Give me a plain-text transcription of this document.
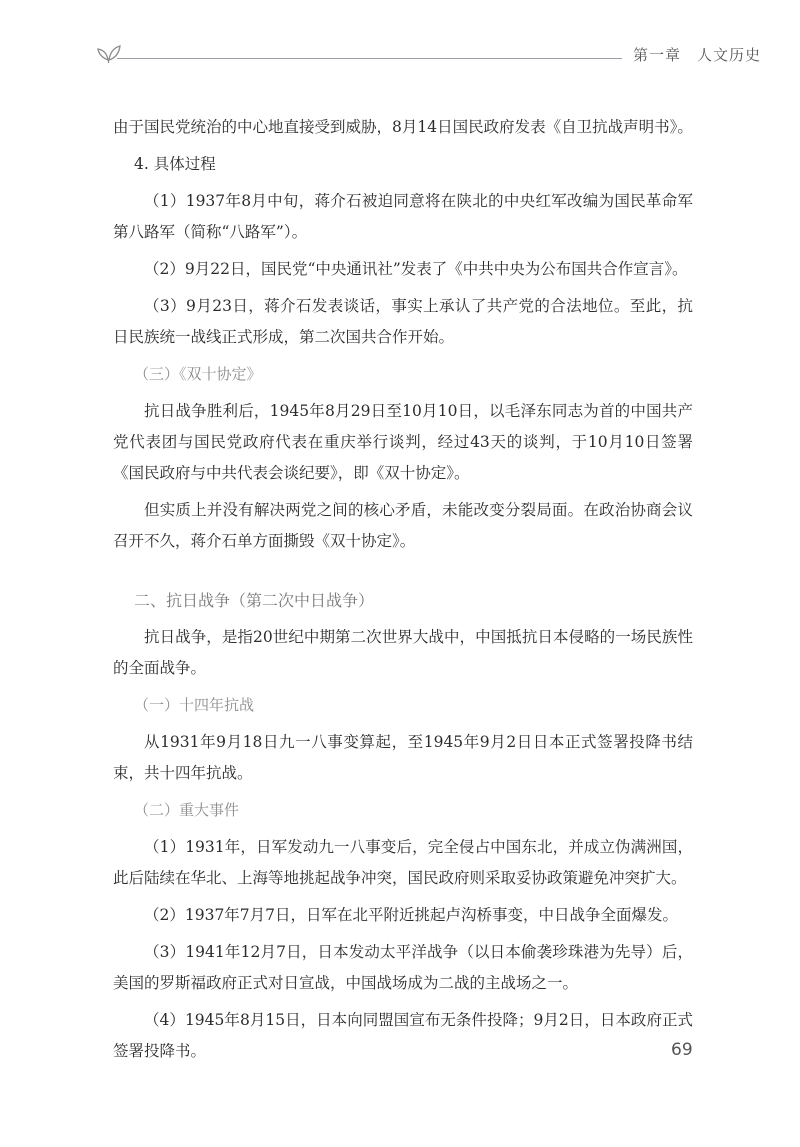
第一章　人文历史

由于国民党统治的中心地直接受到威胁，8月14日国民政府发表《自卫抗战声明书》。

4. 具体过程

（1）1937年8月中旬，蒋介石被迫同意将在陕北的中央红军改编为国民革命军第八路军（简称“八路军”）。

（2）9月22日，国民党“中央通讯社”发表了《中共中央为公布国共合作宣言》。

（3）9月23日，蒋介石发表谈话，事实上承认了共产党的合法地位。至此，抗日民族统一战线正式形成，第二次国共合作开始。

（三）《双十协定》

抗日战争胜利后，1945年8月29日至10月10日，以毛泽东同志为首的中国共产党代表团与国民党政府代表在重庆举行谈判，经过43天的谈判，于10月10日签署《国民政府与中共代表会谈纪要》，即《双十协定》。

但实质上并没有解决两党之间的核心矛盾，未能改变分裂局面。在政治协商会议召开不久，蒋介石单方面撕毁《双十协定》。

二、抗日战争（第二次中日战争）

抗日战争，是指20世纪中期第二次世界大战中，中国抵抗日本侵略的一场民族性的全面战争。

（一）十四年抗战

从1931年9月18日九一八事变算起，至1945年9月2日日本正式签署投降书结束，共十四年抗战。

（二）重大事件

（1）1931年，日军发动九一八事变后，完全侵占中国东北，并成立伪满洲国，此后陆续在华北、上海等地挑起战争冲突，国民政府则采取妥协政策避免冲突扩大。

（2）1937年7月7日，日军在北平附近挑起卢沟桥事变，中日战争全面爆发。

（3）1941年12月7日，日本发动太平洋战争（以日本偷袭珍珠港为先导）后，美国的罗斯福政府正式对日宣战，中国战场成为二战的主战场之一。

（4）1945年8月15日，日本向同盟国宣布无条件投降；9月2日，日本政府正式签署投降书。	69
